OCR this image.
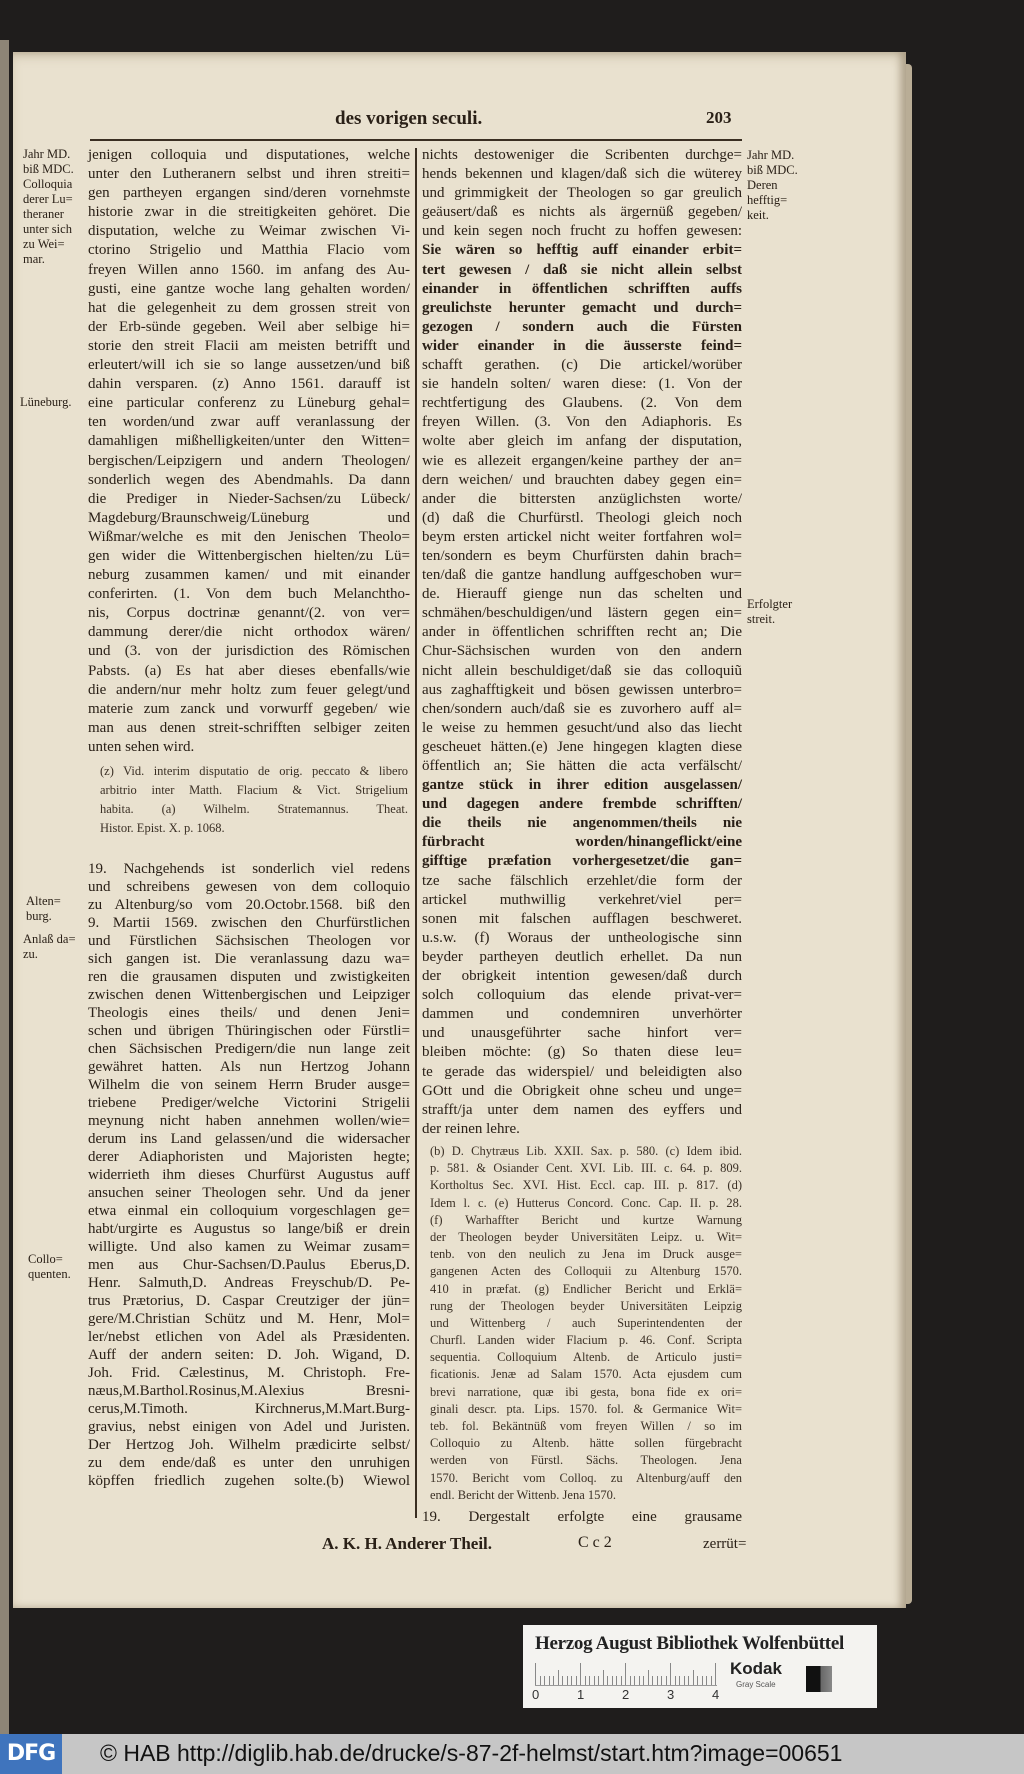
des vorigen seculi.	203
jenigen colloquia und disputationes, welche
unter den Lutheranern selbst und ihren streiti=
gen partheyen ergangen sind/deren vornehmste
historie zwar in die streitigkeiten gehöret. Die
disputation, welche zu Weimar zwischen Vi-
ctorino Strigelio und Matthia Flacio vom
freyen Willen anno 1560. im anfang des Au-
gusti, eine gantze woche lang gehalten worden/
hat die gelegenheit zu dem grossen streit von
der Erb-sünde gegeben. Weil aber selbige hi=
storie den streit Flacii am meisten betrifft und
erleutert/will ich sie so lange aussetzen/und biß
dahin versparen. (z) Anno 1561. darauff ist
eine particular conferenz zu Lüneburg gehal=
ten worden/und zwar auff veranlassung der
damahligen mißhelligkeiten/unter den Witten=
bergischen/Leipzigern und andern Theologen/
sonderlich wegen des Abendmahls. Da dann
die Prediger in Nieder-Sachsen/zu Lübeck/
Magdeburg/Braunschweig/Lüneburg und
Wißmar/welche es mit den Jenischen Theolo=
gen wider die Wittenbergischen hielten/zu Lü=
neburg zusammen kamen/ und mit einander
conferirten. (1. Von dem buch Melanchtho-
nis, Corpus doctrinæ genannt/(2. von ver=
dammung derer/die nicht orthodox wären/
und (3. von der jurisdiction des Römischen
Pabsts. (a) Es hat aber dieses ebenfalls/wie
die andern/nur mehr holtz zum feuer gelegt/und
materie zum zanck und vorwurff gegeben/ wie
man aus denen streit-schrifften selbiger zeiten
unten sehen wird.
(z) Vid. interim disputatio de orig. peccato & libero
arbitrio inter Matth. Flacium & Vict. Strigelium
habita. (a) Wilhelm. Stratemannus. Theat.
Histor. Epist. X. p. 1068.
19. Nachgehends ist sonderlich viel redens
und schreibens gewesen von dem colloquio
zu Altenburg/so vom 20.Octobr.1568. biß den
9. Martii 1569. zwischen den Churfürstlichen
und Fürstlichen Sächsischen Theologen vor
sich gangen ist. Die veranlassung dazu wa=
ren die grausamen disputen und zwistigkeiten
zwischen denen Wittenbergischen und Leipziger
Theologis eines theils/ und denen Jeni=
schen und übrigen Thüringischen oder Fürstli=
chen Sächsischen Predigern/die nun lange zeit
gewähret hatten. Als nun Hertzog Johann
Wilhelm die von seinem Herrn Bruder ausge=
triebene Prediger/welche Victorini Strigelii
meynung nicht haben annehmen wollen/wie=
derum ins Land gelassen/und die widersacher
derer Adiaphoristen und Majoristen hegte;
widerrieth ihm dieses Churfürst Augustus auff
ansuchen seiner Theologen sehr. Und da jener
etwa einmal ein colloquium vorgeschlagen ge=
habt/urgirte es Augustus so lange/biß er drein
willigte. Und also kamen zu Weimar zusam=
men aus Chur-Sachsen/D.Paulus Eberus,D.
Henr. Salmuth,D. Andreas Freyschub/D. Pe-
trus Prætorius, D. Caspar Creutziger der jün=
gere/M.Christian Schütz und M. Henr, Mol=
ler/nebst etlichen von Adel als Præsidenten.
Auff der andern seiten: D. Joh. Wigand, D.
Joh. Frid. Cælestinus, M. Christoph. Fre-
næus,M.Barthol.Rosinus,M.Alexius Bresni-
cerus,M.Timoth. Kirchnerus,M.Mart.Burg-
gravius, nebst einigen von Adel und Juristen.
Der Hertzog Joh. Wilhelm prædicirte selbst/
zu dem ende/daß es unter den unruhigen
köpffen friedlich zugehen solte.(b) Wiewol
nichts destoweniger die Scribenten durchge=
hends bekennen und klagen/daß sich die wüterey
und grimmigkeit der Theologen so gar greulich
geäusert/daß es nichts als ärgernüß gegeben/
und kein segen noch frucht zu hoffen gewesen:
Sie wären so hefftig auff einander erbit=
tert gewesen / daß sie nicht allein selbst
einander in öffentlichen schrifften auffs
greulichste herunter gemacht und durch=
gezogen / sondern auch die Fürsten
wider einander in die äusserste feind=
schafft gerathen. (c) Die artickel/worüber
sie handeln solten/ waren diese: (1. Von der
rechtfertigung des Glaubens. (2. Von dem
freyen Willen. (3. Von den Adiaphoris. Es
wolte aber gleich im anfang der disputation,
wie es allezeit ergangen/keine parthey der an=
dern weichen/ und brauchten dabey gegen ein=
ander die bittersten anzüglichsten worte/
(d) daß die Churfürstl. Theologi gleich noch
beym ersten artickel nicht weiter fortfahren wol=
ten/sondern es beym Churfürsten dahin brach=
ten/daß die gantze handlung auffgeschoben wur=
de. Hierauff gienge nun das schelten und
schmähen/beschuldigen/und lästern gegen ein=
ander in öffentlichen schrifften recht an; Die
Chur-Sächsischen wurden von den andern
nicht allein beschuldiget/daß sie das colloquiũ
aus zaghafftigkeit und bösen gewissen unterbro=
chen/sondern auch/daß sie es zuvorhero auff al=
le weise zu hemmen gesucht/und also das liecht
gescheuet hätten.(e) Jene hingegen klagten diese
öffentlich an; Sie hätten die acta verfälscht/
gantze stück in ihrer edition ausgelassen/
und dagegen andere frembde schrifften/
die theils nie angenommen/theils nie
fürbracht worden/hinangeflickt/eine
gifftige præfation vorhergesetzet/die gan=
tze sache fälschlich erzehlet/die form der
artickel muthwillig verkehret/viel per=
sonen mit falschen aufflagen beschweret.
u.s.w. (f) Woraus der untheologische sinn
beyder partheyen deutlich erhellet. Da nun
der obrigkeit intention gewesen/daß durch
solch colloquium das elende privat-ver=
dammen und condemniren unverhörter
und unausgeführter sache hinfort ver=
bleiben möchte: (g) So thaten diese leu=
te gerade das widerspiel/ und beleidigten also
GOtt und die Obrigkeit ohne scheu und unge=
strafft/ja unter dem namen des eyffers und
der reinen lehre.
(b) D. Chytræus Lib. XXII. Sax. p. 580. (c) Idem ibid.
p. 581. & Osiander Cent. XVI. Lib. III. c. 64. p. 809.
Kortholtus Sec. XVI. Hist. Eccl. cap. III. p. 817. (d)
Idem l. c. (e) Hutterus Concord. Conc. Cap. II. p. 28.
(f) Warhaffter Bericht und kurtze Warnung
der Theologen beyder Universitäten Leipz. u. Wit=
tenb. von den neulich zu Jena im Druck ausge=
gangenen Acten des Colloquii zu Altenburg 1570.
410 in præfat. (g) Endlicher Bericht und Erklä=
rung der Theologen beyder Universitäten Leipzig
und Wittenberg / auch Superintendenten der
Churfl. Landen wider Flacium p. 46. Conf. Scripta
sequentia. Colloquium Altenb. de Articulo justi=
ficationis. Jenæ ad Salam 1570. Acta ejusdem cum
brevi narratione, quæ ibi gesta, bona fide ex ori=
ginali descr. pta. Lips. 1570. fol. & Germanice Wit=
teb. fol. Bekäntnüß vom freyen Willen / so im
Colloquio zu Altenb. hätte sollen fürgebracht
werden von Fürstl. Sächs. Theologen. Jena
1570. Bericht vom Colloq. zu Altenburg/auff den
endl. Bericht der Wittenb. Jena 1570.
19. Dergestalt erfolgte eine grausame
Jahr MD.
biß MDC.
Colloquia
derer Lu=
theraner
unter sich
zu Wei=
mar.
Lüneburg.
Alten=
burg.
Anlaß da=
zu.
Collo=
quenten.
Jahr MD.
biß MDC.
Deren
hefftig=
keit.
Erfolgter
streit.
A. K. H. Anderer Theil.	C c 2	zerrüt=
Herzog August Bibliothek Wolfenbüttel
Kodak
Gray Scale
0	1	2	3	4
DFG © HAB http://diglib.hab.de/drucke/s-87-2f-helmst/start.htm?image=00651
